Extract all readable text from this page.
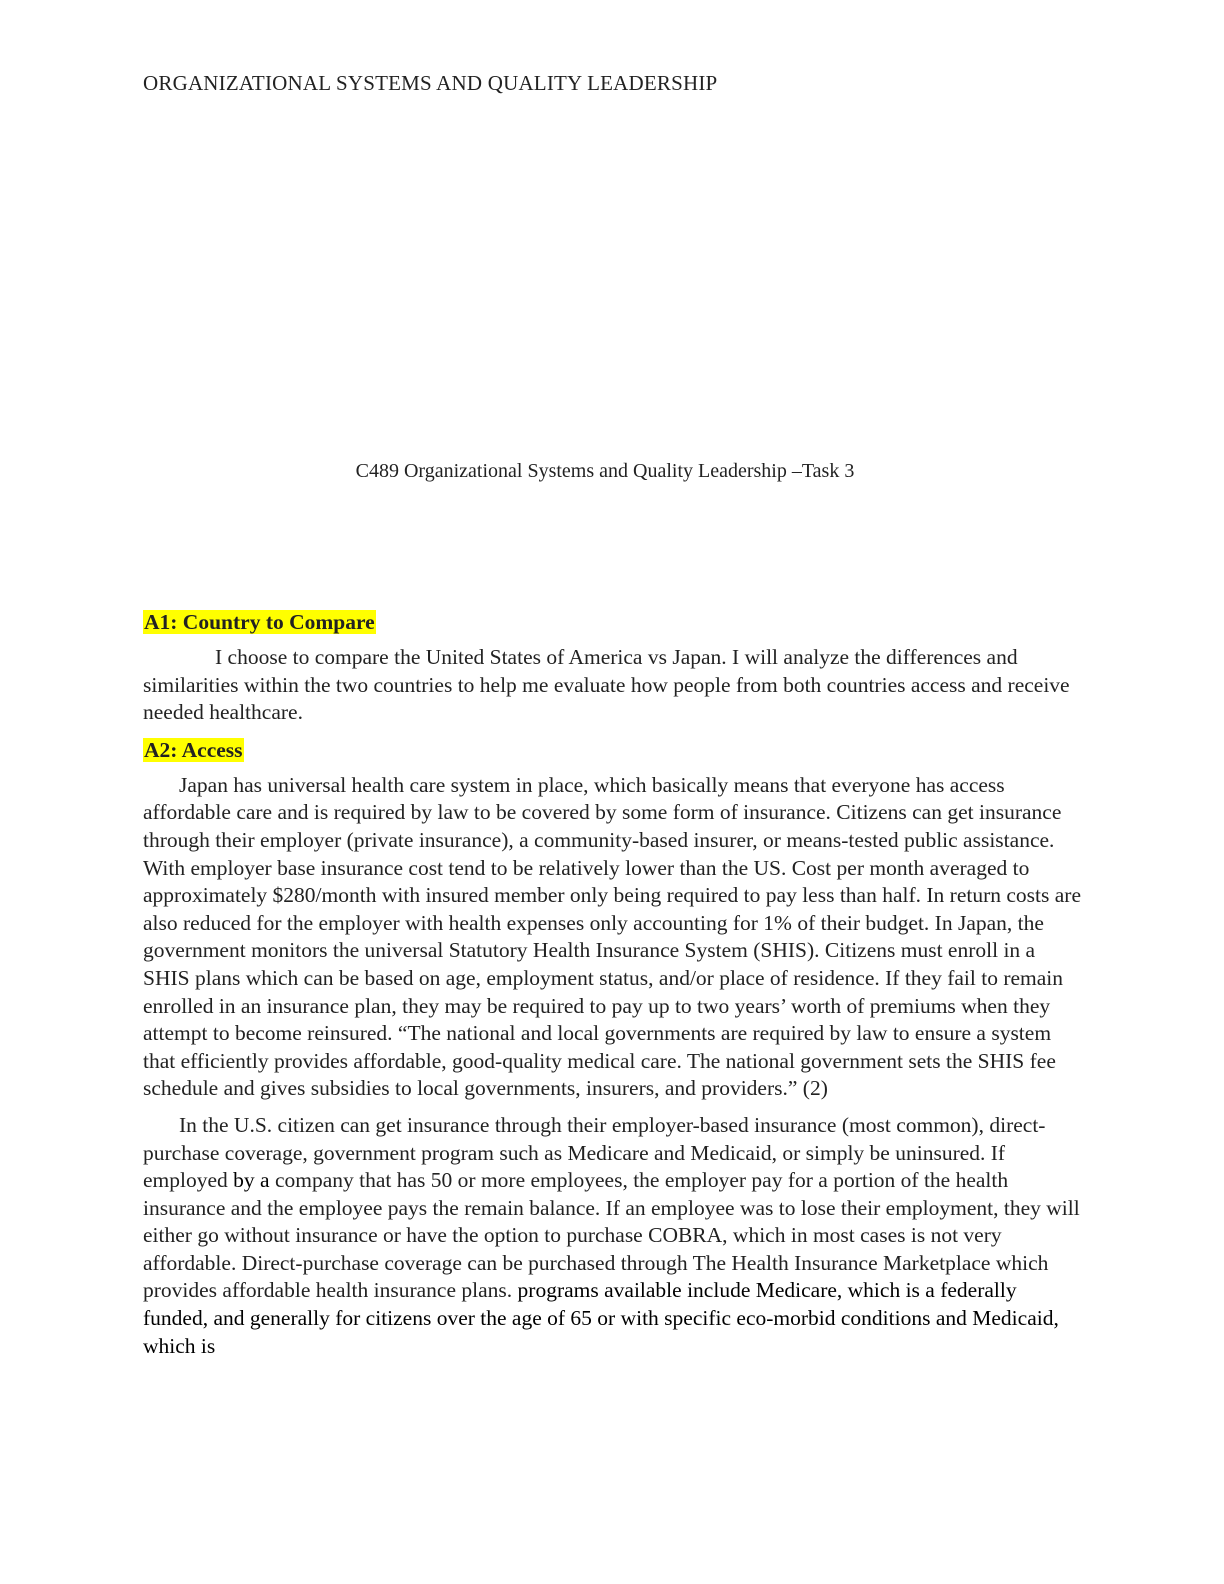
ORGANIZATIONAL SYSTEMS AND QUALITY LEADERSHIP
C489 Organizational Systems and Quality Leadership –Task 3
A1: Country to Compare

I choose to compare the United States of America vs Japan. I will analyze the differences and similarities within the two countries to help me evaluate how people from both countries access and receive needed healthcare.

A2: Access

Japan has universal health care system in place, which basically means that everyone has access affordable care and is required by law to be covered by some form of insurance. Citizens can get insurance through their employer (private insurance), a community-based insurer, or means-tested public assistance. With employer base insurance cost tend to be relatively lower than the US. Cost per month averaged to approximately $280/month with insured member only being required to pay less than half. In return costs are also reduced for the employer with health expenses only accounting for 1% of their budget. In Japan, the government monitors the universal Statutory Health Insurance System (SHIS). Citizens must enroll in a SHIS plans which can be based on age, employment status, and/or place of residence. If they fail to remain enrolled in an insurance plan, they may be required to pay up to two years’ worth of premiums when they attempt to become reinsured. “The national and local governments are required by law to ensure a system that efficiently provides affordable, good-quality medical care. The national government sets the SHIS fee schedule and gives subsidies to local governments, insurers, and providers.” (2)

In the U.S. citizen can get insurance through their employer-based insurance (most common), direct-purchase coverage, government program such as Medicare and Medicaid, or simply be uninsured. If employed by a company that has 50 or more employees, the employer pay for a portion of the health insurance and the employee pays the remain balance. If an employee was to lose their employment, they will either go without insurance or have the option to purchase COBRA, which in most cases is not very affordable. Direct-purchase coverage can be purchased through The Health Insurance Marketplace which provides affordable health insurance plans. programs available include Medicare, which is a federally funded, and generally for citizens over the age of 65 or with specific eco-morbid conditions and Medicaid, which is
